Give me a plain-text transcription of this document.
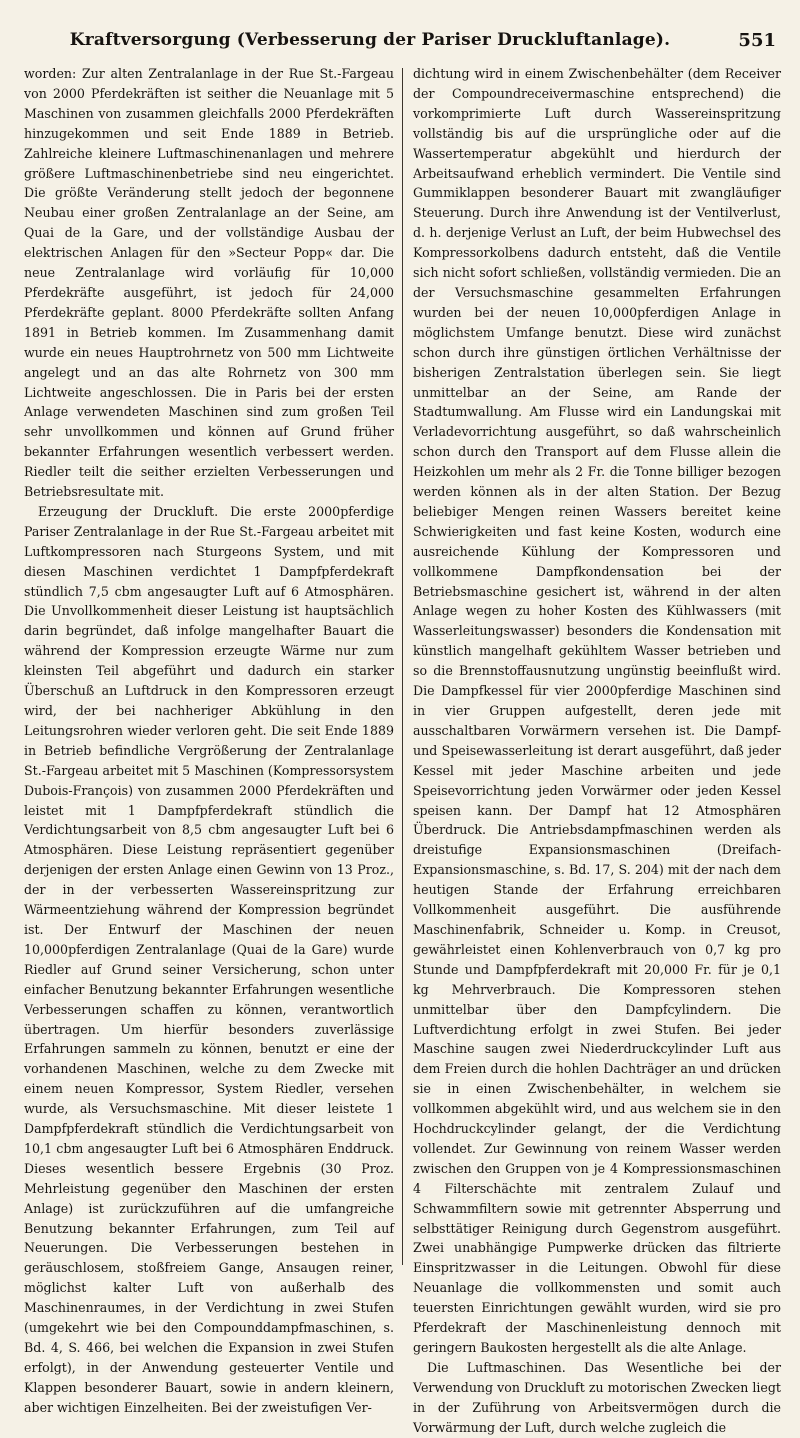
Kraftversorgung (Verbesserung der Pariser Druckluftanlage).	551

worden: Zur alten Zentralanlage in der Rue St.-Fargeau von 2000 Pferdekräften ist seither die Neuanlage mit 5 Maschinen von zusammen gleichfalls 2000 Pferdekräften hinzugekommen und seit Ende 1889 in Betrieb. Zahlreiche kleinere Luftmaschinenanlagen und mehrere größere Luftmaschinenbetriebe sind neu eingerichtet. Die größte Veränderung stellt jedoch der begonnene Neubau einer großen Zentralanlage an der Seine, am Quai de la Gare, und der vollständige Ausbau der elektrischen Anlagen für den »Secteur Popp« dar. Die neue Zentralanlage wird vorläufig für 10,000 Pferdekräfte ausgeführt, ist jedoch für 24,000 Pferdekräfte geplant. 8000 Pferdekräfte sollten Anfang 1891 in Betrieb kommen. Im Zusammenhang damit wurde ein neues Hauptrohrnetz von 500 mm Lichtweite angelegt und an das alte Rohrnetz von 300 mm Lichtweite angeschlossen. Die in Paris bei der ersten Anlage verwendeten Maschinen sind zum großen Teil sehr unvollkommen und können auf Grund früher bekannter Erfahrungen wesentlich verbessert werden. Riedler teilt die seither erzielten Verbesserungen und Betriebsresultate mit.

Erzeugung der Druckluft. Die erste 2000pferdige Pariser Zentralanlage in der Rue St.-Fargeau arbeitet mit Luftkompressoren nach Sturgeons System, und mit diesen Maschinen verdichtet 1 Dampfpferdekraft stündlich 7,5 cbm angesaugter Luft auf 6 Atmosphären. Die Unvollkommenheit dieser Leistung ist hauptsächlich darin begründet, daß infolge mangelhafter Bauart die während der Kompression erzeugte Wärme nur zum kleinsten Teil abgeführt und dadurch ein starker Überschuß an Luftdruck in den Kompressoren erzeugt wird, der bei nachheriger Abkühlung in den Leitungsrohren wieder verloren geht. Die seit Ende 1889 in Betrieb befindliche Vergrößerung der Zentralanlage St.-Fargeau arbeitet mit 5 Maschinen (Kompressorsystem Dubois-François) von zusammen 2000 Pferdekräften und leistet mit 1 Dampfpferdekraft stündlich die Verdichtungsarbeit von 8,5 cbm angesaugter Luft bei 6 Atmosphären. Diese Leistung repräsentiert gegenüber derjenigen der ersten Anlage einen Gewinn von 13 Proz., der in der verbesserten Wassereinspritzung zur Wärmeentziehung während der Kompression begründet ist. Der Entwurf der Maschinen der neuen 10,000pferdigen Zentralanlage (Quai de la Gare) wurde Riedler auf Grund seiner Versicherung, schon unter einfacher Benutzung bekannter Erfahrungen wesentliche Verbesserungen schaffen zu können, verantwortlich übertragen. Um hierfür besonders zuverlässige Erfahrungen sammeln zu können, benutzt er eine der vorhandenen Maschinen, welche zu dem Zwecke mit einem neuen Kompressor, System Riedler, versehen wurde, als Versuchsmaschine. Mit dieser leistete 1 Dampfpferdekraft stündlich die Verdichtungsarbeit von 10,1 cbm angesaugter Luft bei 6 Atmosphären Enddruck. Dieses wesentlich bessere Ergebnis (30 Proz. Mehrleistung gegenüber den Maschinen der ersten Anlage) ist zurückzuführen auf die umfangreiche Benutzung bekannter Erfahrungen, zum Teil auf Neuerungen. Die Verbesserungen bestehen in geräuschlosem, stoßfreiem Gange, Ansaugen reiner, möglichst kalter Luft von außerhalb des Maschinenraumes, in der Verdichtung in zwei Stufen (umgekehrt wie bei den Compounddampfmaschinen, s. Bd. 4, S. 466, bei welchen die Expansion in zwei Stufen erfolgt), in der Anwendung gesteuerter Ventile und Klappen besonderer Bauart, sowie in andern kleinern, aber wichtigen Einzelheiten. Bei der zweistufigen Ver-

dichtung wird in einem Zwischenbehälter (dem Receiver der Compoundreceivermaschine entsprechend) die vorkomprimierte Luft durch Wassereinspritzung vollständig bis auf die ursprüngliche oder auf die Wassertemperatur abgekühlt und hierdurch der Arbeitsaufwand erheblich vermindert. Die Ventile sind Gummiklappen besonderer Bauart mit zwangläufiger Steuerung. Durch ihre Anwendung ist der Ventilverlust, d. h. derjenige Verlust an Luft, der beim Hubwechsel des Kompressorkolbens dadurch entsteht, daß die Ventile sich nicht sofort schließen, vollständig vermieden. Die an der Versuchsmaschine gesammelten Erfahrungen wurden bei der neuen 10,000pferdigen Anlage in möglichstem Umfange benutzt. Diese wird zunächst schon durch ihre günstigen örtlichen Verhältnisse der bisherigen Zentralstation überlegen sein. Sie liegt unmittelbar an der Seine, am Rande der Stadtumwallung. Am Flusse wird ein Landungskai mit Verladevorrichtung ausgeführt, so daß wahrscheinlich schon durch den Transport auf dem Flusse allein die Heizkohlen um mehr als 2 Fr. die Tonne billiger bezogen werden können als in der alten Station. Der Bezug beliebiger Mengen reinen Wassers bereitet keine Schwierigkeiten und fast keine Kosten, wodurch eine ausreichende Kühlung der Kompressoren und vollkommene Dampfkondensation bei der Betriebsmaschine gesichert ist, während in der alten Anlage wegen zu hoher Kosten des Kühlwassers (mit Wasserleitungswasser) besonders die Kondensation mit künstlich mangelhaft gekühltem Wasser betrieben und so die Brennstoffausnutzung ungünstig beeinflußt wird. Die Dampfkessel für vier 2000pferdige Maschinen sind in vier Gruppen aufgestellt, deren jede mit ausschaltbaren Vorwärmern versehen ist. Die Dampf- und Speisewasserleitung ist derart ausgeführt, daß jeder Kessel mit jeder Maschine arbeiten und jede Speisevorrichtung jeden Vorwärmer oder jeden Kessel speisen kann. Der Dampf hat 12 Atmosphären Überdruck. Die Antriebsdampfmaschinen werden als dreistufige Expansionsmaschinen (Dreifach-Expansionsmaschine, s. Bd. 17, S. 204) mit der nach dem heutigen Stande der Erfahrung erreichbaren Vollkommenheit ausgeführt. Die ausführende Maschinenfabrik, Schneider u. Komp. in Creusot, gewährleistet einen Kohlenverbrauch von 0,7 kg pro Stunde und Dampfpferdekraft mit 20,000 Fr. für je 0,1 kg Mehrverbrauch. Die Kompressoren stehen unmittelbar über den Dampfcylindern. Die Luftverdichtung erfolgt in zwei Stufen. Bei jeder Maschine saugen zwei Niederdruckcylinder Luft aus dem Freien durch die hohlen Dachträger an und drücken sie in einen Zwischenbehälter, in welchem sie vollkommen abgekühlt wird, und aus welchem sie in den Hochdruckcylinder gelangt, der die Verdichtung vollendet. Zur Gewinnung von reinem Wasser werden zwischen den Gruppen von je 4 Kompressionsmaschinen 4 Filterschächte mit zentralem Zulauf und Schwammfiltern sowie mit getrennter Absperrung und selbsttätiger Reinigung durch Gegenstrom ausgeführt. Zwei unabhängige Pumpwerke drücken das filtrierte Einspritzwasser in die Leitungen. Obwohl für diese Neuanlage die vollkommensten und somit auch teuersten Einrichtungen gewählt wurden, wird sie pro Pferdekraft der Maschinenleistung dennoch mit geringern Baukosten hergestellt als die alte Anlage.

Die Luftmaschinen. Das Wesentliche bei der Verwendung von Druckluft zu motorischen Zwecken liegt in der Zuführung von Arbeitsvermögen durch die Vorwärmung der Luft, durch welche zugleich die
